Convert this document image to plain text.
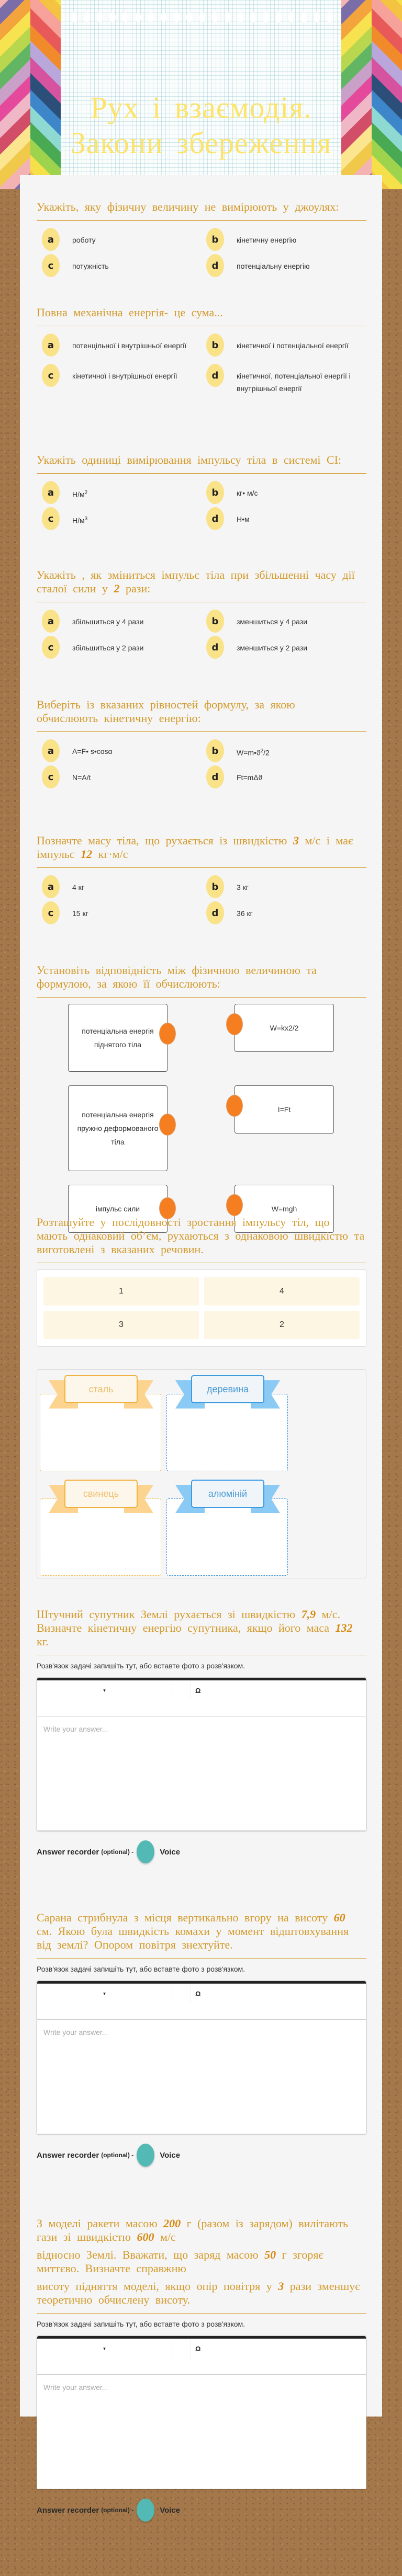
Рух і взаємодія.
Закони збереження
Укажіть, яку фізичну величину не вимірюють у джоулях:
a	роботу	b	кінетичну енергію
c	потужність	d	потенціальну енергію
Повна механічна енергія- це сума...
a	потенцільної і внутрішньої енергії	b	кінетичної і потенціальної енергії
c	кінетичної і внутрішньої енергії	d	кінетичної, потенціальної енергії і внутрішньої енергії
Укажіть одиниці вимірювання імпульсу тіла в системі СІ:
a	$Н/м^2$	b	кг• м/с
c	$Н/м^3$	d	Н•м
Укажіть , як зміниться імпульс тіла при збільшенні часу дії сталої сили у 2 рази:
a	збільшиться у 4 рази	b	зменшиться у 4 рази
c	збільшиться у 2 рази	d	зменшиться у 2 рази
Виберіть із вказаних рівностей формулу, за якою обчислюють кінетичну енергію:
a	A=F• s•cosα	b	$W=m•ϑ^2/2$
c	N=A/t	d	Ft=mΔϑ
Позначте масу тіла, що рухається із швидкістю 3 м/с і має імпульс 12 кг·м/с
a	4 кг	b	3 кг
c	15 кг	d	36 кг
Установіть відповідність між фізичною величиною та формулою, за якою її обчислюють:
потенціальна енергія піднятого тіла
потенціальна енергія пружно деформованого тіла
імпульс сили
W=kx2/2
I=Ft
W=mgh
Розташуйте у послідовності зростання імпульсу тіл, що мають однаковий об’єм, рухаються з однаковою швидкістю та виготовлені з вказаних речовин.
1	4
3	2
сталь	деревина
свинець	алюміній
Штучний супутник Землі рухається зі швидкістю 7,9 м/с. Визначте кінетичну енергію супутника, якщо його маса 132 кг.
Розв'язок задачі запишіть тут, або вставте фото з розв'язком.
▾	Ω
Write your answer...
Answer recorder (optional) -	Voice
Сарана стрибнула з місця вертикально вгору на висоту 60 см. Якою була швидкість комахи у момент відштовхування від землі? Опором повітря знехтуйте.
Розв'язок задачі запишіть тут, або вставте фото з розв'язком.
▾	Ω
Write your answer...
Answer recorder (optional) -	Voice
З моделі ракети масою 200 г (разом із зарядом) вилітають гази зі швидкістю 600 м/с
відносно Землі. Вважати, що заряд масою 50 г згоряє миттєво. Визначте справжню
висоту підняття моделі, якщо опір повітря у 3 рази зменшує теоретично обчислену висоту.
Розв'язок задачі запишіть тут, або вставте фото з розв'язком.
▾	Ω
Write your answer...
Answer recorder (optional) -	Voice
